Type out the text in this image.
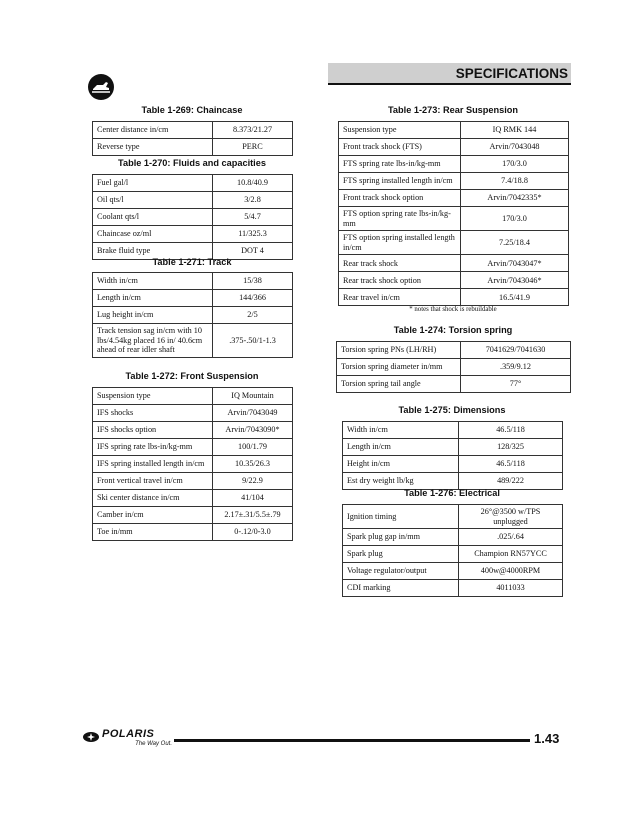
SPECIFICATIONS
Table 1-269: Chaincase
Center distance in/cm	8.373/21.27
Reverse type	PERC
Table 1-270: Fluids and capacities
Fuel gal/l	10.8/40.9
Oil qts/l	3/2.8
Coolant qts/l	5/4.7
Chaincase oz/ml	11/325.3
Brake fluid type	DOT 4
Table 1-271: Track
Width in/cm	15/38
Length in/cm	144/366
Lug height in/cm	2/5
Track tension sag in/cm with 10 lbs/4.54kg placed 16 in/ 40.6cm ahead of rear idler shaft	.375-.50/1-1.3
Table 1-272: Front Suspension
Suspension type	IQ Mountain
IFS shocks	Arvin/7043049
IFS shocks option	Arvin/7043090*
IFS spring rate lbs-in/kg-mm	100/1.79
IFS spring installed length in/cm	10.35/26.3
Front vertical travel in/cm	9/22.9
Ski center distance in/cm	41/104
Camber in/cm	2.17±.31/5.5±.79
Toe in/mm	0-.12/0-3.0
Table 1-273: Rear Suspension
Suspension type	IQ RMK 144
Front track shock (FTS)	Arvin/7043048
FTS spring rate lbs-in/kg-mm	170/3.0
FTS spring installed length in/cm	7.4/18.8
Front track shock option	Arvin/7042335*
FTS option spring rate lbs-in/kg-mm	170/3.0
FTS option spring installed length in/cm	7.25/18.4
Rear track shock	Arvin/7043047*
Rear track shock option	Arvin/7043046*
Rear travel in/cm	16.5/41.9
* notes that shock is rebuildable
Table 1-274: Torsion spring
Torsion spring PNs (LH/RH)	7041629/7041630
Torsion spring diameter in/mm	.359/9.12
Torsion spring tail angle	77°
Table 1-275: Dimensions
Width in/cm	46.5/118
Length in/cm	128/325
Height in/cm	46.5/118
Est dry weight lb/kg	489/222
Table 1-276: Electrical
Ignition timing	26°@3500 w/TPS unplugged
Spark plug gap in/mm	.025/.64
Spark plug	Champion RN57YCC
Voltage regulator/output	400w@4000RPM
CDI marking	4011033
POLARIS
The Way Out.	1.43
